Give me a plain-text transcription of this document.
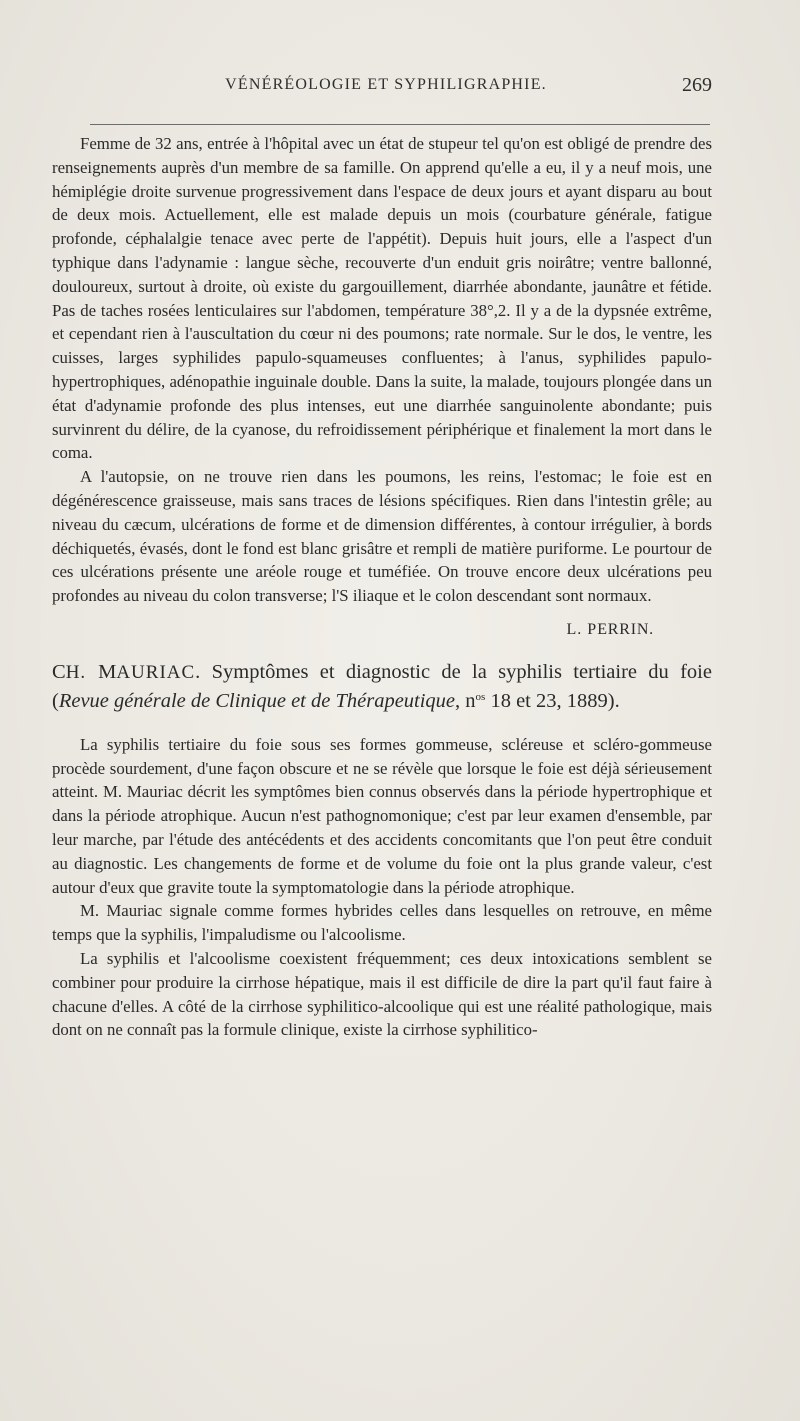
VÉNÉRÉOLOGIE ET SYPHILIGRAPHIE.	269

Femme de 32 ans, entrée à l'hôpital avec un état de stupeur tel qu'on est obligé de prendre des renseignements auprès d'un membre de sa famille. On apprend qu'elle a eu, il y a neuf mois, une hémiplégie droite survenue progressivement dans l'espace de deux jours et ayant disparu au bout de deux mois. Actuellement, elle est malade depuis un mois (courbature générale, fatigue profonde, céphalalgie tenace avec perte de l'appétit). Depuis huit jours, elle a l'aspect d'un typhique dans l'adynamie : langue sèche, recouverte d'un enduit gris noirâtre; ventre ballonné, douloureux, surtout à droite, où existe du gargouillement, diarrhée abondante, jaunâtre et fétide. Pas de taches rosées lenticulaires sur l'abdomen, température 38°,2. Il y a de la dypsnée extrême, et cependant rien à l'auscultation du cœur ni des poumons; rate normale. Sur le dos, le ventre, les cuisses, larges syphilides papulo-squameuses confluentes; à l'anus, syphilides papulo-hypertrophiques, adénopathie inguinale double. Dans la suite, la malade, toujours plongée dans un état d'adynamie profonde des plus intenses, eut une diarrhée sanguinolente abondante; puis survinrent du délire, de la cyanose, du refroidissement périphérique et finalement la mort dans le coma.

A l'autopsie, on ne trouve rien dans les poumons, les reins, l'estomac; le foie est en dégénérescence graisseuse, mais sans traces de lésions spécifiques. Rien dans l'intestin grêle; au niveau du cæcum, ulcérations de forme et de dimension différentes, à contour irrégulier, à bords déchiquetés, évasés, dont le fond est blanc grisâtre et rempli de matière puriforme. Le pourtour de ces ulcérations présente une aréole rouge et tuméfiée. On trouve encore deux ulcérations peu profondes au niveau du colon transverse; l'S iliaque et le colon descendant sont normaux.

L. PERRIN.

CH. MAURIAC. Symptômes et diagnostic de la syphilis tertiaire du foie (Revue générale de Clinique et de Thérapeutique, $n^{os}$ 18 et 23, 1889).

La syphilis tertiaire du foie sous ses formes gommeuse, scléreuse et scléro-gommeuse procède sourdement, d'une façon obscure et ne se révèle que lorsque le foie est déjà sérieusement atteint. M. Mauriac décrit les symptômes bien connus observés dans la période hypertrophique et dans la période atrophique. Aucun n'est pathognomonique; c'est par leur examen d'ensemble, par leur marche, par l'étude des antécédents et des accidents concomitants que l'on peut être conduit au diagnostic. Les changements de forme et de volume du foie ont la plus grande valeur, c'est autour d'eux que gravite toute la symptomatologie dans la période atrophique.

M. Mauriac signale comme formes hybrides celles dans lesquelles on retrouve, en même temps que la syphilis, l'impaludisme ou l'alcoolisme.

La syphilis et l'alcoolisme coexistent fréquemment; ces deux intoxications semblent se combiner pour produire la cirrhose hépatique, mais il est difficile de dire la part qu'il faut faire à chacune d'elles. A côté de la cirrhose syphilitico-alcoolique qui est une réalité pathologique, mais dont on ne connaît pas la formule clinique, existe la cirrhose syphilitico-
